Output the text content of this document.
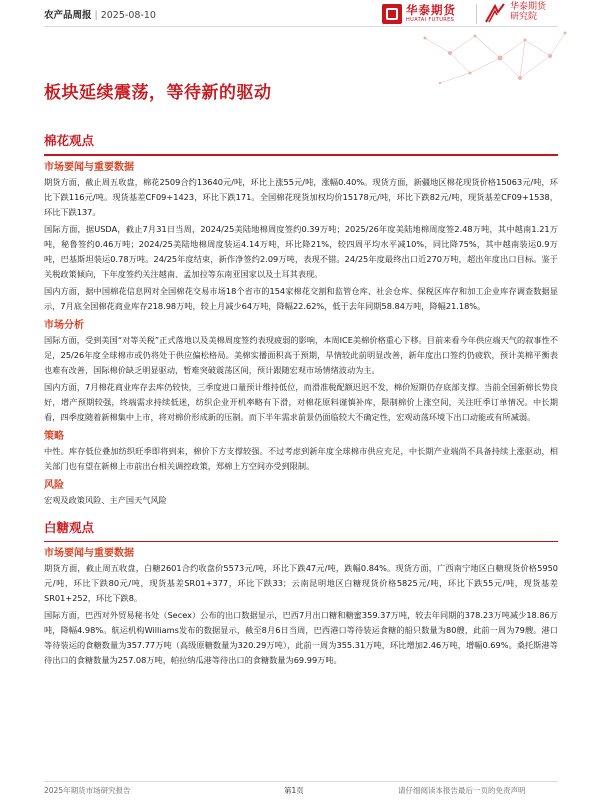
农产品周报 | 2025-08-10	华泰期货
HUATAI FUTURES
华泰期货
研究院
板块延续震荡，等待新的驱动
棉花观点
市场要闻与重要数据

期货方面，截止周五收盘，棉花2509合约13640元/吨，环比上涨55元/吨，涨幅0.40%。现货方面，新疆地区棉花现货价格15063元/吨，环比下跌116元/吨。现货基差CF09+1423，环比下跌171。全国棉花现货加权均价15178元/吨，环比下跌82元/吨，现货基差CF09+1538，环比下跌137。

国际方面，据USDA，截止7月31日当周，2024/25美陆地棉周度签约0.39万吨；2025/26年度美陆地棉周度签2.48万吨，其中越南1.21万吨，秘鲁签约0.46万吨；2024/25美陆地棉周度装运4.14万吨，环比降21%，较四周平均水平减10%，同比降75%，其中越南装运0.9万吨，巴基斯坦装运0.78万吨。24/25年度结束，新作净签约2.09万吨，表现不错。24/25年度最终出口近270万吨，超出年度出口目标。鉴于关税政策倾向，下年度签约关注越南、孟加拉等东南亚国家以及土耳其表现。

国内方面，据中国棉花信息网对全国棉花交易市场18个省市的154家棉花交割和监管仓库、社会仓库、保税区库存和加工企业库存调查数据显示，7月底全国棉花商业库存218.98万吨，较上月减少64万吨，降幅22.62%，低于去年同期58.84万吨，降幅21.18%。

市场分析

国际方面，受到美国“对等关税”正式落地以及美棉周度签约表现疲弱的影响，本周ICE美棉价格重心下移。目前来看今年供应端天气的叙事性不足，25/26年度全球棉市或仍将处于供应偏松格局。美棉实播面积高于预期，旱情较此前明显改善，新年度出口签约仍疲软，预计美棉平衡表也难有改善，国际棉价缺乏明显驱动，暂难突破震荡区间，预计跟随宏观市场情绪波动为主。

国内方面，7月棉花商业库存去库仍较快，三季度进口量预计维持低位，而滑准税配额迟迟不发，棉价短期仍存底部支撑。当前全国新棉长势良好，增产预期较强，终端需求持续低迷，纺织企业开机率略有下滑，对棉花原料谨慎补库，限制棉价上涨空间，关注旺季订单情况。中长期看，四季度随着新棉集中上市，将对棉价形成新的压制。而下半年需求前景仍面临较大不确定性，宏观动荡环境下出口动能或有所减弱。

策略

中性。库存低位叠加纺织旺季即将到来，棉价下方支撑较强。不过考虑到新年度全球棉市供应充足，中长期产业端尚不具备持续上涨驱动，相关部门也有望在新棉上市前出台相关调控政策，郑棉上方空间亦受到限制。

风险

宏观及政策风险、主产国天气风险

白糖观点
市场要闻与重要数据

期货方面，截止周五收盘，白糖2601合约收盘价5573元/吨，环比下跌47元/吨，跌幅0.84%。现货方面，广西南宁地区白糖现货价格5950元/吨，环比下跌80元/吨，现货基差SR01+377，环比下跌33；云南昆明地区白糖现货价格5825元/吨，环比下跌55元/吨，现货基差SR01+252，环比下跌8。

国际方面，巴西对外贸易秘书处（Secex）公布的出口数据显示，巴西7月出口糖和糖蜜359.37万吨，较去年同期的378.23万吨减少18.86万吨，降幅4.98%。航运机构Williams发布的数据显示，截至8月6日当周，巴西港口等待装运食糖的船只数量为80艘，此前一周为79艘。港口等待装运的食糖数量为357.77万吨（高级原糖数量为320.29万吨），此前一周为355.31万吨，环比增加2.46万吨，增幅0.69%。桑托斯港等待出口的食糖数量为257.08万吨，帕拉纳瓜港等待出口的食糖数量为69.99万吨。

2025年期货市场研究报告	第1页	请仔细阅读本报告最后一页的免责声明
